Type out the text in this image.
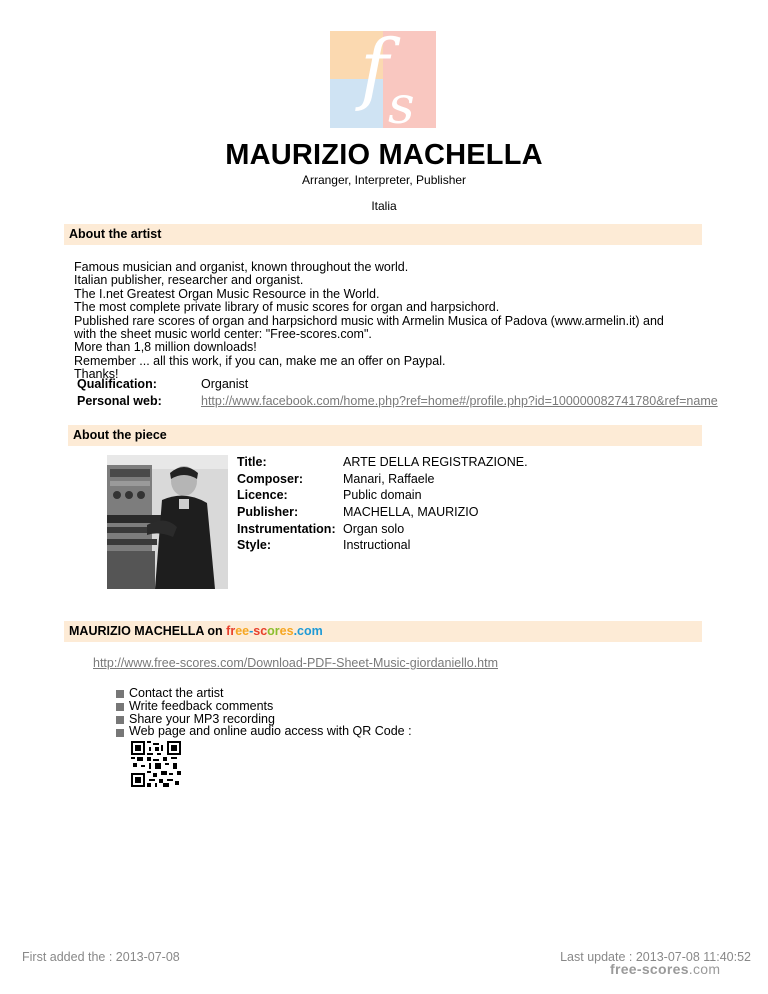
f s
MAURIZIO MACHELLA
Arranger, Interpreter, Publisher
Italia
About the artist
Famous musician and organist, known throughout the world.
Italian publisher, researcher and organist.
The I.net Greatest Organ Music Resource in the World.
The most complete private library of music scores for organ and harpsichord.
Published rare scores of organ and harpsichord music with Armelin Musica of Padova (www.armelin.it) and
with the sheet music world center: "Free-scores.com".
More than 1,8 million downloads!
Remember ... all this work, if you can, make me an offer on Paypal.
Thanks!
Qualification:	Organist
Personal web:	http://www.facebook.com/home.php?ref=home#/profile.php?id=100000082741780&ref=name
About the piece
Title:	ARTE DELLA REGISTRAZIONE.
Composer:	Manari, Raffaele
Licence:	Public domain
Publisher:	MACHELLA, MAURIZIO
Instrumentation: Organ solo
Style:	Instructional
MAURIZIO MACHELLA on free-scores.com
http://www.free-scores.com/Download-PDF-Sheet-Music-giordaniello.htm
Contact the artist
Write feedback comments
Share your MP3 recording
Web page and online audio access with QR Code :
First added the : 2013-07-08	Last update : 2013-07-08 11:40:52
free-scores.com
